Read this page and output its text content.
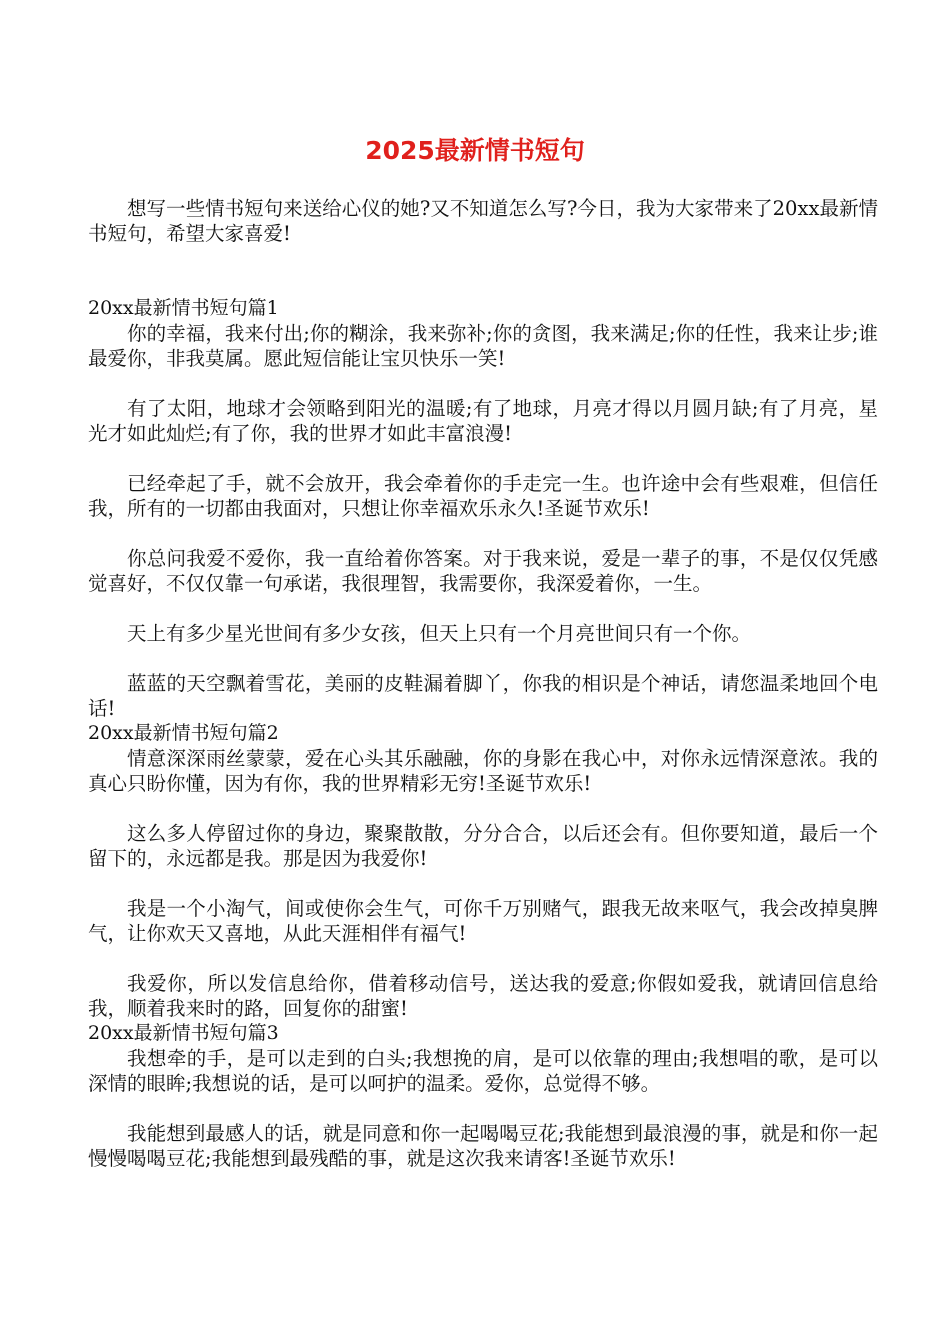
2025最新情书短句

想写一些情书短句来送给心仪的她?又不知道怎么写?今日，我为大家带来了20xx最新情书短句，希望大家喜爱!

20xx最新情书短句篇1

你的幸福，我来付出;你的糊涂，我来弥补;你的贪图，我来满足;你的任性，我来让步;谁最爱你，非我莫属。愿此短信能让宝贝快乐一笑!

有了太阳，地球才会领略到阳光的温暖;有了地球，月亮才得以月圆月缺;有了月亮，星光才如此灿烂;有了你，我的世界才如此丰富浪漫!

已经牵起了手，就不会放开，我会牵着你的手走完一生。也许途中会有些艰难，但信任我，所有的一切都由我面对，只想让你幸福欢乐永久!圣诞节欢乐!

你总问我爱不爱你，我一直给着你答案。对于我来说，爱是一辈子的事，不是仅仅凭感觉喜好，不仅仅靠一句承诺，我很理智，我需要你，我深爱着你，一生。

天上有多少星光世间有多少女孩，但天上只有一个月亮世间只有一个你。

蓝蓝的天空飘着雪花，美丽的皮鞋漏着脚丫，你我的相识是个神话，请您温柔地回个电话!

20xx最新情书短句篇2

情意深深雨丝蒙蒙，爱在心头其乐融融，你的身影在我心中，对你永远情深意浓。我的真心只盼你懂，因为有你，我的世界精彩无穷!圣诞节欢乐!

这么多人停留过你的身边，聚聚散散，分分合合，以后还会有。但你要知道，最后一个留下的，永远都是我。那是因为我爱你!

我是一个小淘气，间或使你会生气，可你千万别赌气，跟我无故来呕气，我会改掉臭脾气，让你欢天又喜地，从此天涯相伴有福气!

我爱你，所以发信息给你，借着移动信号，送达我的爱意;你假如爱我，就请回信息给我，顺着我来时的路，回复你的甜蜜!

20xx最新情书短句篇3

我想牵的手，是可以走到的白头;我想挽的肩，是可以依靠的理由;我想唱的歌，是可以深情的眼眸;我想说的话，是可以呵护的温柔。爱你，总觉得不够。

我能想到最感人的话，就是同意和你一起喝喝豆花;我能想到最浪漫的事，就是和你一起慢慢喝喝豆花;我能想到最残酷的事，就是这次我来请客!圣诞节欢乐!
